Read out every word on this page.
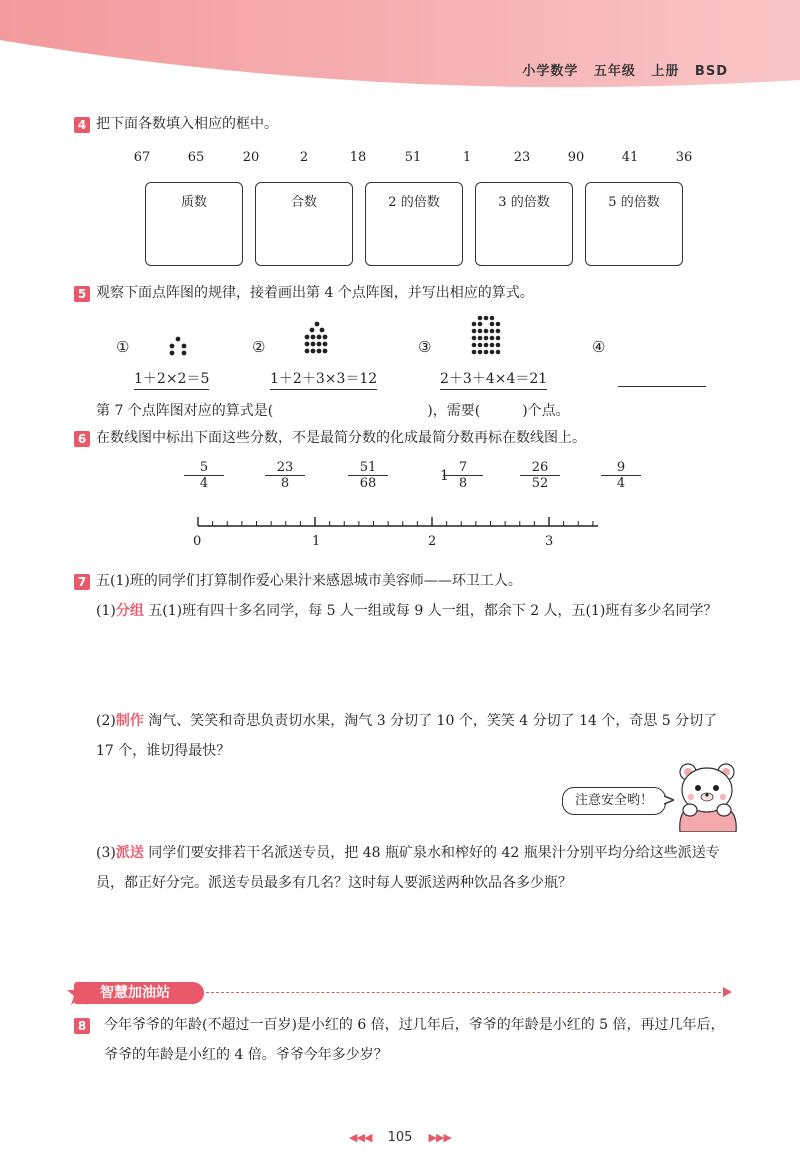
小学数学 五年级 上册 BSD
4 把下面各数填入相应的框中。
67	65	20	2	18	51	1	23	90	41	36
质数	合数	2 的倍数	3 的倍数	5 的倍数
5 观察下面点阵图的规律，接着画出第 4 个点阵图，并写出相应的算式。
①	②	③	④
1＋2×2＝5	1＋2＋3×3＝12	2＋3＋4×4＝21
第 7 个点阵图对应的算式是(　　　　　　　　　　　)，需要(　　　)个点。
6 在数线图中标出下面这些分数，不是最简分数的化成最简分数再标在数线图上。
$\frac{5}{4}$	$\frac{23}{8}$	$\frac{51}{68}$	1
$\frac{7}{8}$	$\frac{26}{52}$	$\frac{9}{4}$
0	1	2	3
7 五(1)班的同学们打算制作爱心果汁来感恩城市美容师——环卫工人。
(1)分组 五(1)班有四十多名同学，每 5 人一组或每 9 人一组，都余下 2 人，五(1)班有多少名同学？
(2)制作 淘气、笑笑和奇思负责切水果，淘气 3 分切了 10 个，笑笑 4 分切了 14 个，奇思 5 分切了 17 个，谁切得最快？
注意安全哟！
(3)派送 同学们要安排若干名派送专员，把 48 瓶矿泉水和榨好的 42 瓶果汁分别平均分给这些派送专员，都正好分完。派送专员最多有几名？这时每人要派送两种饮品各多少瓶？
智慧加油站
8 今年爷爷的年龄(不超过一百岁)是小红的 6 倍，过几年后，爷爷的年龄是小红的 5 倍，再过几年后，爷爷的年龄是小红的 4 倍。爷爷今年多少岁？
◀◀◀ 105 ▶▶▶
